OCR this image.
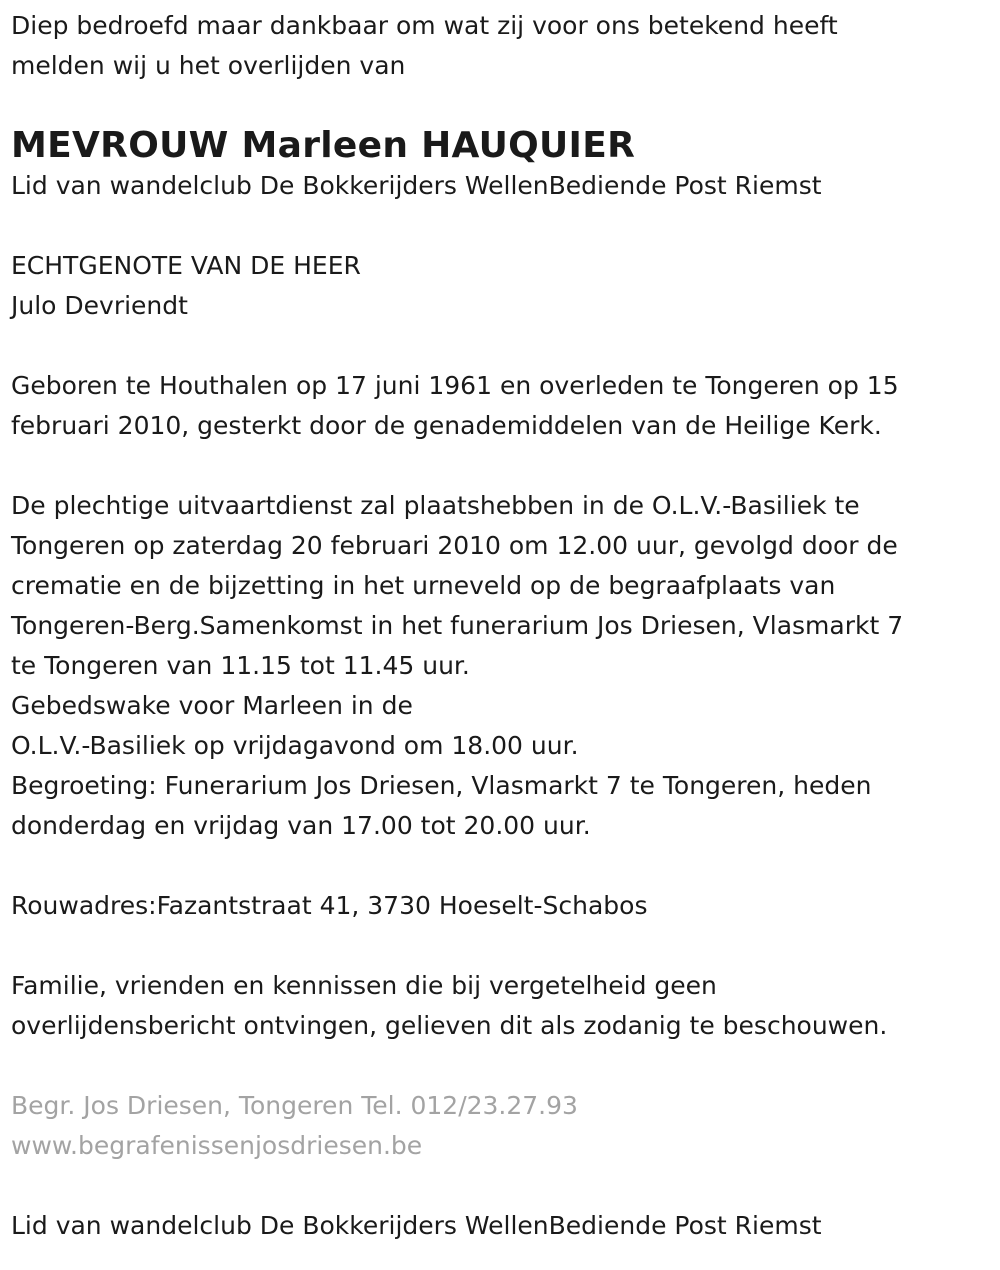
Diep bedroefd maar dankbaar om wat zij voor ons betekend heeft

melden wij u het overlijden van

MEVROUW Marleen HAUQUIER

Lid van wandelclub De Bokkerijders WellenBediende Post Riemst

ECHTGENOTE VAN DE HEER

Julo Devriendt

Geboren te Houthalen op 17 juni 1961 en overleden te Tongeren op 15

februari 2010, gesterkt door de genademiddelen van de Heilige Kerk.

De plechtige uitvaartdienst zal plaatshebben in de O.L.V.-Basiliek te

Tongeren op zaterdag 20 februari 2010 om 12.00 uur, gevolgd door de

crematie en de bijzetting in het urneveld op de begraafplaats van

Tongeren-Berg.Samenkomst in het funerarium Jos Driesen, Vlasmarkt 7

te Tongeren van 11.15 tot 11.45 uur.

Gebedswake voor Marleen in de

O.L.V.-Basiliek op vrijdagavond om 18.00 uur.

Begroeting: Funerarium Jos Driesen, Vlasmarkt 7 te Tongeren, heden

donderdag en vrijdag van 17.00 tot 20.00 uur.

Rouwadres:Fazantstraat 41, 3730 Hoeselt-Schabos

Familie, vrienden en kennissen die bij vergetelheid geen

overlijdensbericht ontvingen, gelieven dit als zodanig te beschouwen.

Begr. Jos Driesen, Tongeren Tel. 012/23.27.93

www.begrafenissenjosdriesen.be

Lid van wandelclub De Bokkerijders WellenBediende Post Riemst
